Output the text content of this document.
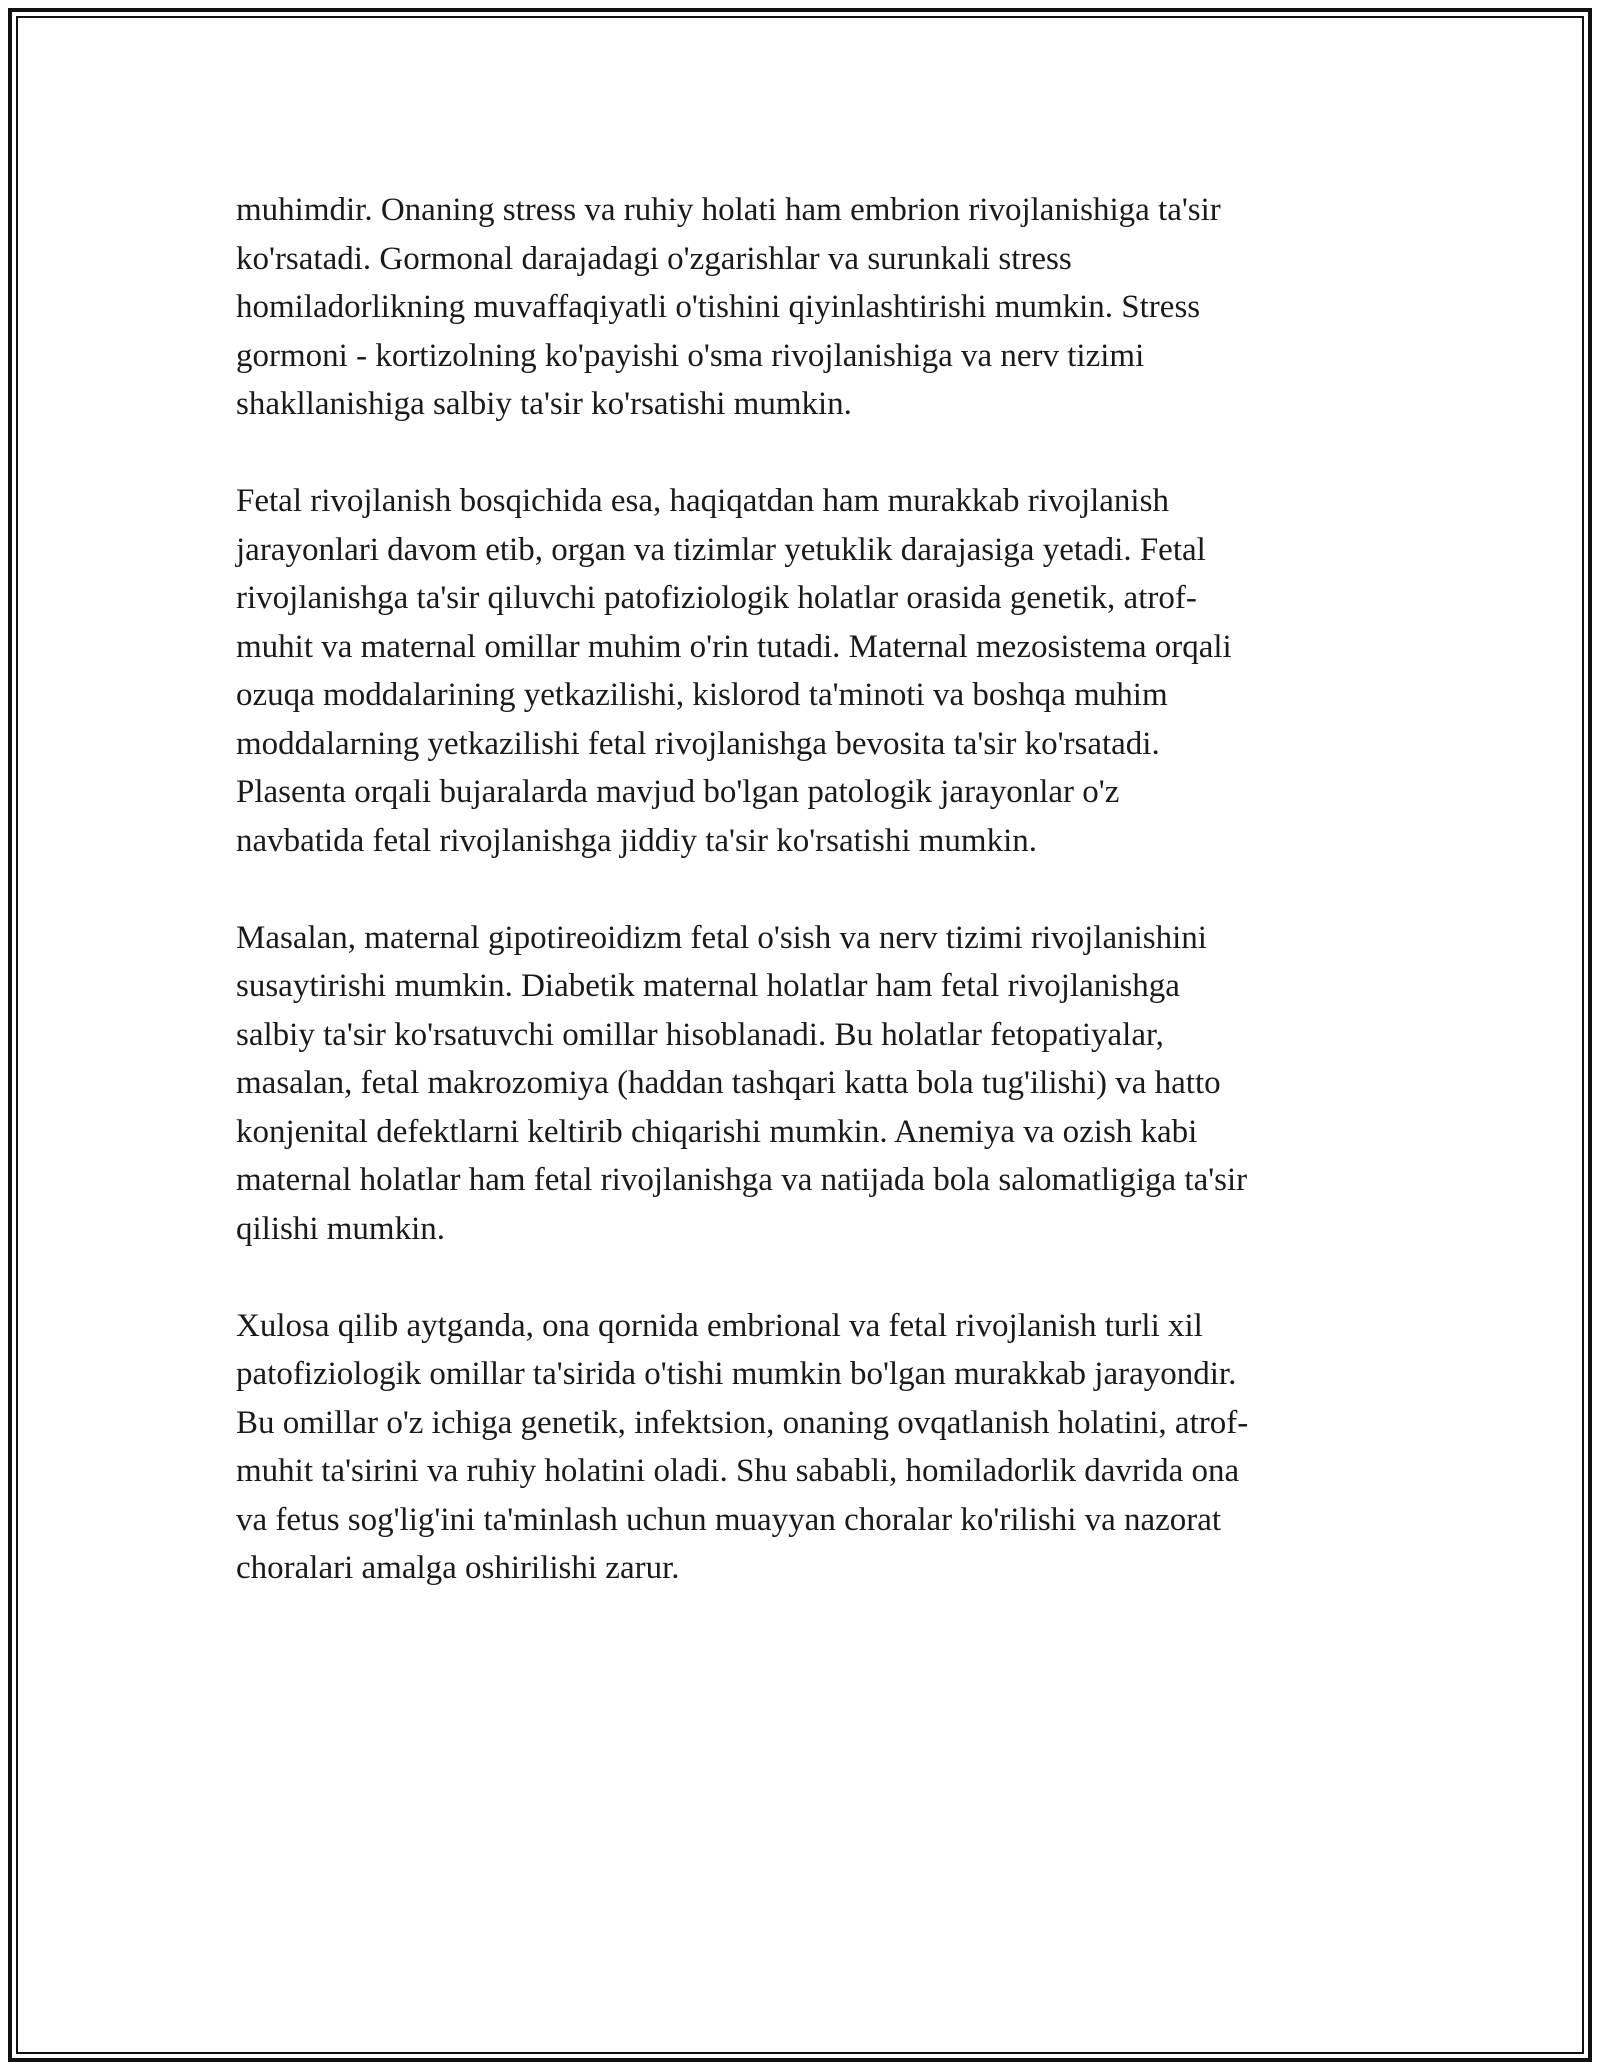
muhimdir. Onaning stress va ruhiy holati ham embrion rivojlanishiga ta'sir
ko'rsatadi. Gormonal darajadagi o'zgarishlar va surunkali stress
homiladorlikning muvaffaqiyatli o'tishini qiyinlashtirishi mumkin. Stress
gormoni - kortizolning ko'payishi o'sma rivojlanishiga va nerv tizimi
shakllanishiga salbiy ta'sir ko'rsatishi mumkin.

Fetal rivojlanish bosqichida esa, haqiqatdan ham murakkab rivojlanish
jarayonlari davom etib, organ va tizimlar yetuklik darajasiga yetadi. Fetal
rivojlanishga ta'sir qiluvchi patofiziologik holatlar orasida genetik, atrof-
muhit va maternal omillar muhim o'rin tutadi. Maternal mezosistema orqali
ozuqa moddalarining yetkazilishi, kislorod ta'minoti va boshqa muhim
moddalarning yetkazilishi fetal rivojlanishga bevosita ta'sir ko'rsatadi.
Plasenta orqali bujaralarda mavjud bo'lgan patologik jarayonlar o'z
navbatida fetal rivojlanishga jiddiy ta'sir ko'rsatishi mumkin.

Masalan, maternal gipotireoidizm fetal o'sish va nerv tizimi rivojlanishini
susaytirishi mumkin. Diabetik maternal holatlar ham fetal rivojlanishga
salbiy ta'sir ko'rsatuvchi omillar hisoblanadi. Bu holatlar fetopatiyalar,
masalan, fetal makrozomiya (haddan tashqari katta bola tug'ilishi) va hatto
konjenital defektlarni keltirib chiqarishi mumkin. Anemiya va ozish kabi
maternal holatlar ham fetal rivojlanishga va natijada bola salomatligiga ta'sir
qilishi mumkin.

Xulosa qilib aytganda, ona qornida embrional va fetal rivojlanish turli xil
patofiziologik omillar ta'sirida o'tishi mumkin bo'lgan murakkab jarayondir.
Bu omillar o'z ichiga genetik, infektsion, onaning ovqatlanish holatini, atrof-
muhit ta'sirini va ruhiy holatini oladi. Shu sababli, homiladorlik davrida ona
va fetus sog'lig'ini ta'minlash uchun muayyan choralar ko'rilishi va nazorat
choralari amalga oshirilishi zarur.
